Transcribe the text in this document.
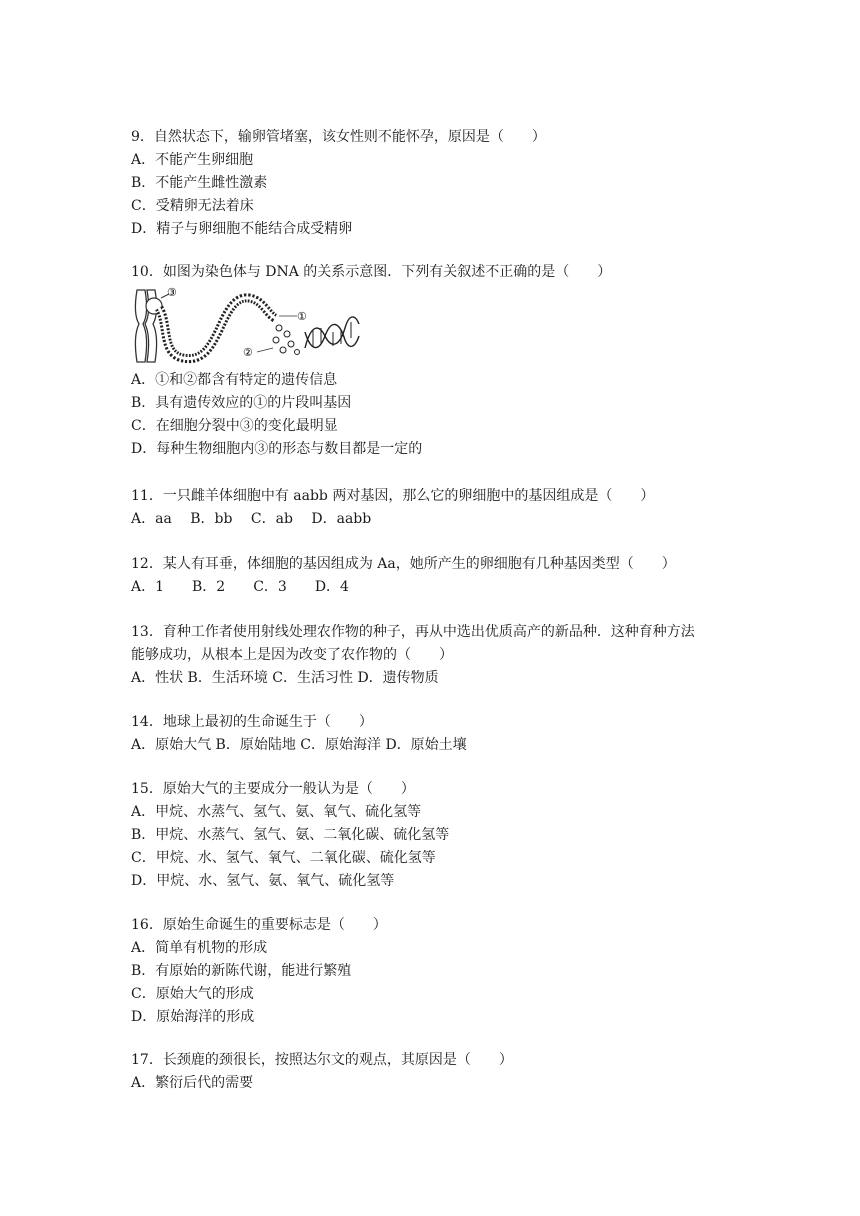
9．自然状态下，输卵管堵塞，该女性则不能怀孕，原因是（　　）
A．不能产生卵细胞
B．不能产生雌性激素
C．受精卵无法着床
D．精子与卵细胞不能结合成受精卵
10．如图为染色体与 DNA 的关系示意图．下列有关叙述不正确的是（　　）
③
①
②
A．①和②都含有特定的遗传信息
B．具有遗传效应的①的片段叫基因
C．在细胞分裂中③的变化最明显
D．每种生物细胞内③的形态与数目都是一定的
11．一只雌羊体细胞中有 aabb 两对基因，那么它的卵细胞中的基因组成是（　　）
A．aa　 B．bb　 C．ab　 D．aabb
12．某人有耳垂，体细胞的基因组成为 Aa，她所产生的卵细胞有几种基因类型（　　）
A．1　　B．2　　C．3　　D．4
13．育种工作者使用射线处理农作物的种子，再从中选出优质高产的新品种．这种育种方法
能够成功，从根本上是因为改变了农作物的（　　）
A．性状 B．生活环境 C．生活习性 D．遗传物质
14．地球上最初的生命诞生于（　　）
A．原始大气 B．原始陆地 C．原始海洋 D．原始土壤
15．原始大气的主要成分一般认为是（　　）
A．甲烷、水蒸气、氢气、氨、氧气、硫化氢等
B．甲烷、水蒸气、氢气、氨、二氧化碳、硫化氢等
C．甲烷、水、氢气、氧气、二氧化碳、硫化氢等
D．甲烷、水、氢气、氨、氧气、硫化氢等
16．原始生命诞生的重要标志是（　　）
A．简单有机物的形成
B．有原始的新陈代谢，能进行繁殖
C．原始大气的形成
D．原始海洋的形成
17．长颈鹿的颈很长，按照达尔文的观点，其原因是（　　）
A．繁衍后代的需要
